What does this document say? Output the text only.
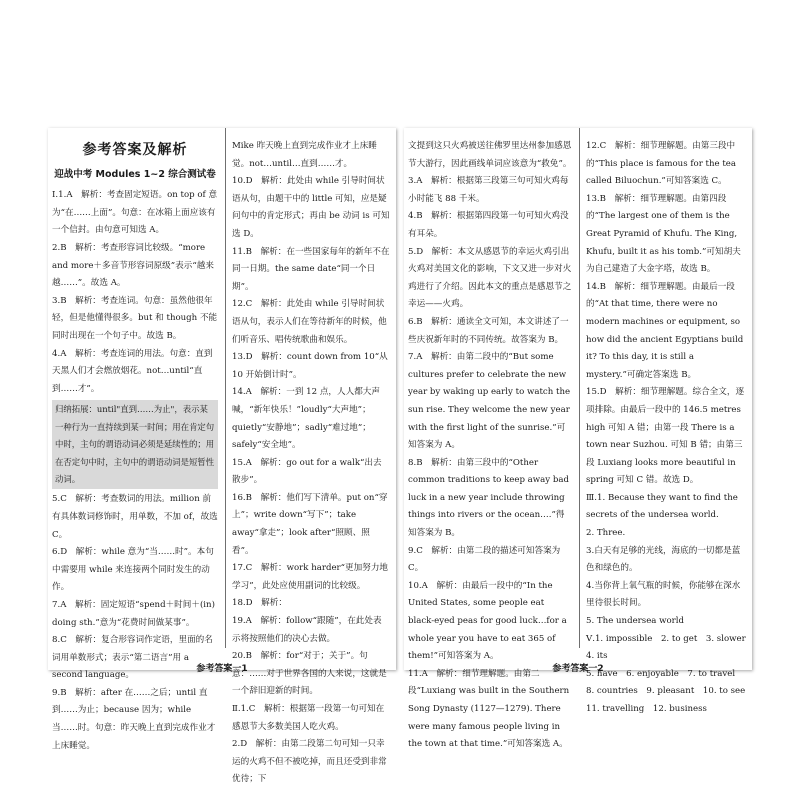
参考答案及解析

迎战中考 Modules 1~2 综合测试卷

Ⅰ.1.A　解析：考查固定短语。on top of 意为“在……上面”。句意：在冰箱上面应该有一个信封。由句意可知选 A。

2.B　解析：考查形容词比较级。“more and more＋多音节形容词原级”表示“越来越……”。故选 A。

3.B　解析：考查连词。句意：虽然他很年轻，但是他懂得很多。but 和 though 不能同时出现在一个句子中。故选 B。

4.A　解析：考查连词的用法。句意：直到天黑人们才会燃放烟花。not…until“直到……才”。

归纳拓展：until"直到……为止"，表示某一种行为一直持续到某一时间；用在肯定句中时，主句的谓语动词必须是延续性的；用在否定句中时，主句中的谓语动词是短暂性动词。

5.C　解析：考查数词的用法。million 前有具体数词修饰时，用单数，不加 of，故选 C。

6.D　解析：while 意为“当……时”。本句中需要用 while 来连接两个同时发生的动作。

7.A　解析：固定短语“spend＋时间＋(in) doing sth.”意为“花费时间做某事”。

8.C　解析：复合形容词作定语，里面的名词用单数形式；表示“第二语言”用 a second language。

9.B　解析：after 在……之后；until 直到……为止；because 因为；while 当……时。句意：昨天晚上直到完成作业才上床睡觉。

Mike 昨天晚上直到完成作业才上床睡觉。not…until…直到……才。

10.D　解析：此处由 while 引导时间状语从句，由题干中的 little 可知，应是疑问句中的肯定形式；再由 be 动词 is 可知选 D。

11.B　解析：在一些国家每年的新年不在同一日期。the same date“同一个日期”。

12.C　解析：此处由 while 引导时间状语从句，表示人们在等待新年的时候，他们听音乐、唱传统歌曲和娱乐。

13.D　解析：count down from 10“从 10 开始倒计时”。

14.A　解析：一到 12 点，人人都大声喊，“新年快乐！”loudly“大声地”；quietly“安静地”；sadly“难过地”；safely“安全地”。

15.A　解析：go out for a walk“出去散步”。

16.B　解析：他们写下清单。put on“穿上”；write down“写下”；take away“拿走”；look after“照顾、照看”。

17.C　解析：work harder“更加努力地学习”，此处应使用副词的比较级。

18.D　解析：

19.A　解析：follow“跟随”，在此处表示将按照他们的决心去做。

20.B　解析：for“对于；关于”。句意：……对于世界各国的人来说，这就是一个辞旧迎新的时间。

Ⅱ.1.C　解析：根据第一段第一句可知在感恩节大多数美国人吃火鸡。

2.D　解析：由第二段第二句可知一只幸运的火鸡不但不被吃掉，而且还受到非常优待；下

参考答案一1

文提到这只火鸡被送往佛罗里达州参加感恩节大游行，因此画线单词应该意为“救免”。

3.A　解析：根据第三段第三句可知火鸡每小时能飞 88 千米。

4.B　解析：根据第四段第一句可知火鸡没有耳朵。

5.D　解析：本文从感恩节的幸运火鸡引出火鸡对美国文化的影响，下文又进一步对火鸡进行了介绍。因此本文的重点是感恩节之幸运——火鸡。

6.B　解析：通读全文可知，本文讲述了一些庆祝新年时的不同传统。故答案为 B。

7.A　解析：由第二段中的“But some cultures prefer to celebrate the new year by waking up early to watch the sun rise. They welcome the new year with the first light of the sunrise.”可知答案为 A。

8.B　解析：由第三段中的“Other common traditions to keep away bad luck in a new year include throwing things into rivers or the ocean….”得知答案为 B。

9.C　解析：由第二段的描述可知答案为 C。

10.A　解析：由最后一段中的“In the United States, some people eat black-eyed peas for good luck…for a whole year you have to eat 365 of them!”可知答案为 A。

11.A　解析：细节理解题。由第二段“Luxiang was built in the Southern Song Dynasty (1127—1279). There were many famous people living in the town at that time.”可知答案选 A。

12.C　解析：细节理解题。由第三段中的“This place is famous for the tea called Biluochun.”可知答案选 C。

13.B　解析：细节理解题。由第四段的“The largest one of them is the Great Pyramid of Khufu. The King, Khufu, built it as his tomb.”可知胡夫为自己建造了大金字塔，故选 B。

14.B　解析：细节理解题。由最后一段的“At that time, there were no modern machines or equipment, so how did the ancient Egyptians build it? To this day, it is still a mystery.”可确定答案选 B。

15.D　解析：细节理解题。综合全文，逐项排除。由最后一段中的 146.5 metres high 可知 A 错；由第一段 There is a town near Suzhou. 可知 B 错；由第三段 Luxiang looks more beautiful in spring 可知 C 错。故选 D。

Ⅲ.1. Because they want to find the secrets of the undersea world.

2. Three.

3.白天有足够的光线，海底的一切都是蓝色和绿色的。

4.当你背上氧气瓶的时候，你能够在深水里待很长时间。

5. The undersea world

Ⅴ.1. impossible　2. to get　3. slower　4. its

5. have　6. enjoyable　7. to travel

8. countries　9. pleasant　10. to see

11. travelling　12. business

参考答案一2
